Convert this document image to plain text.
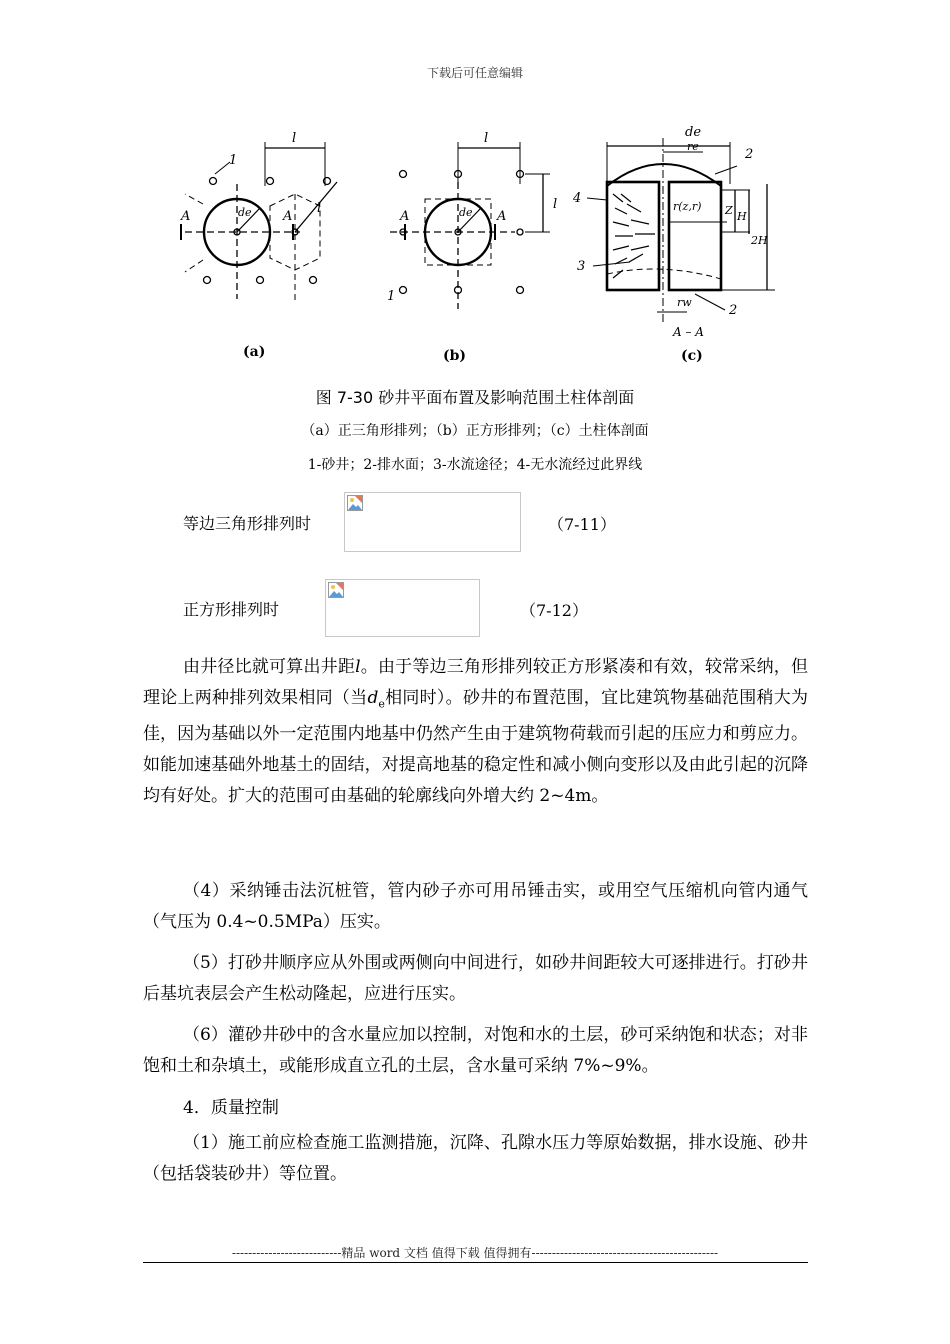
下载后可任意编辑
l
1
A	A
de	l
l
l
A	A
de
1
de
re
2
4
r(z,r) Z H
2H
3
rw
2
A – A
(a)	(b)	(c)
图 7-30 砂井平面布置及影响范围土柱体剖面
（a）正三角形排列；（b）正方形排列；（c）土柱体剖面
1-砂井；2-排水面；3-水流途径；4-无水流经过此界线
等边三角形排列时	（7-11）
正方形排列时	（7-12）

由井径比就可算出井距l。由于等边三角形排列较正方形紧凑和有效，较常采纳，但理论上两种排列效果相同（当$d_e$相同时）。砂井的布置范围，宜比建筑物基础范围稍大为佳，因为基础以外一定范围内地基中仍然产生由于建筑物荷载而引起的压应力和剪应力。如能加速基础外地基土的固结，对提高地基的稳定性和减小侧向变形以及由此引起的沉降均有好处。扩大的范围可由基础的轮廓线向外增大约 2~4m。

（4）采纳锤击法沉桩管，管内砂子亦可用吊锤击实，或用空气压缩机向管内通气（气压为 0.4~0.5MPa）压实。

（5）打砂井顺序应从外围或两侧向中间进行，如砂井间距较大可逐排进行。打砂井后基坑表层会产生松动隆起，应进行压实。

（6）灌砂井砂中的含水量应加以控制，对饱和水的土层，砂可采纳饱和状态；对非饱和土和杂填土，或能形成直立孔的土层，含水量可采纳 7%~9%。

4．质量控制

（1）施工前应检查施工监测措施，沉降、孔隙水压力等原始数据，排水设施、砂井（包括袋装砂井）等位置。

---------------------------精品 word 文档 值得下载 值得拥有----------------------------------------------
